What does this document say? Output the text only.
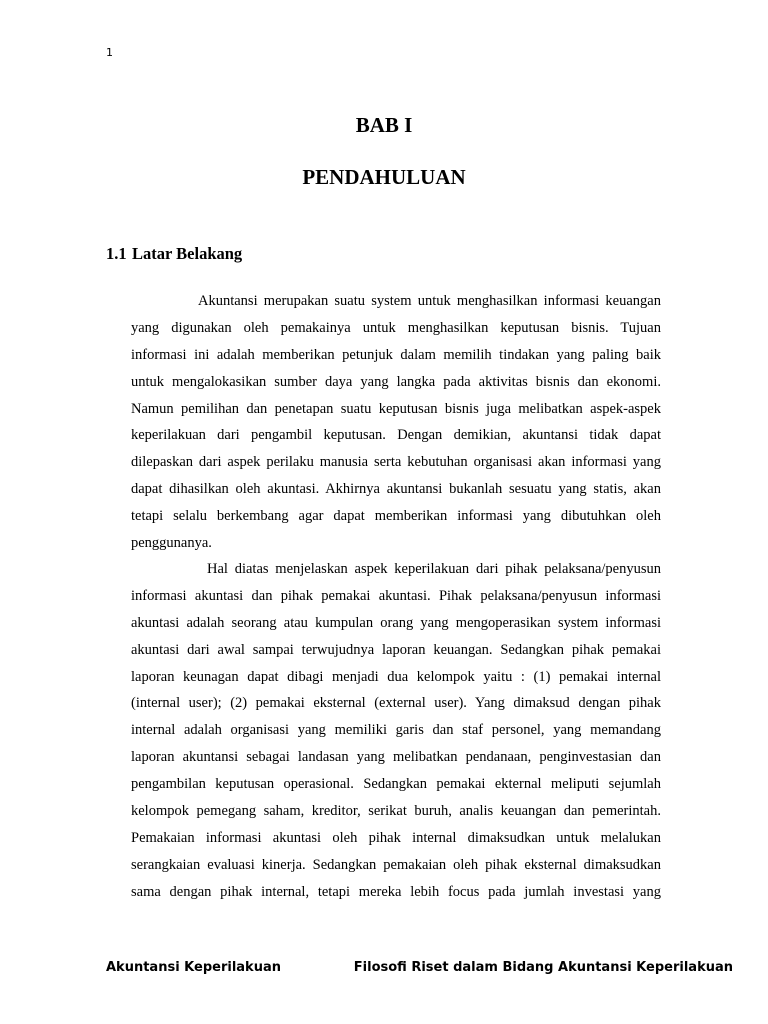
1
BAB I
PENDAHULUAN
1.1 Latar Belakang
Akuntansi merupakan suatu system untuk menghasilkan informasi keuangan
yang digunakan oleh pemakainya untuk menghasilkan keputusan bisnis. Tujuan
informasi ini adalah memberikan petunjuk dalam memilih tindakan yang paling baik
untuk mengalokasikan sumber daya yang langka pada aktivitas bisnis dan ekonomi.
Namun pemilihan dan penetapan suatu keputusan bisnis juga melibatkan aspek-aspek
keperilakuan dari pengambil keputusan. Dengan demikian, akuntansi tidak dapat
dilepaskan dari aspek perilaku manusia serta kebutuhan organisasi akan informasi yang
dapat dihasilkan oleh akuntasi. Akhirnya akuntansi bukanlah sesuatu yang statis, akan
tetapi selalu berkembang agar dapat memberikan informasi yang dibutuhkan oleh
penggunanya.
Hal diatas menjelaskan aspek keperilakuan dari pihak pelaksana/penyusun
informasi akuntasi dan pihak pemakai akuntasi. Pihak pelaksana/penyusun informasi
akuntasi adalah seorang atau kumpulan orang yang mengoperasikan system informasi
akuntasi dari awal sampai terwujudnya laporan keuangan. Sedangkan pihak pemakai
laporan keunagan dapat dibagi menjadi dua kelompok yaitu : (1) pemakai internal
(internal user); (2) pemakai eksternal (external user). Yang dimaksud dengan pihak
internal adalah organisasi yang memiliki garis dan staf personel, yang memandang
laporan akuntansi sebagai landasan yang melibatkan pendanaan, penginvestasian dan
pengambilan keputusan operasional. Sedangkan pemakai ekternal meliputi sejumlah
kelompok pemegang saham, kreditor, serikat buruh, analis keuangan dan pemerintah.
Pemakaian informasi akuntasi oleh pihak internal dimaksudkan untuk melalukan
serangkaian evaluasi kinerja. Sedangkan pemakaian oleh pihak eksternal dimaksudkan
sama dengan pihak internal, tetapi mereka lebih focus pada jumlah investasi yang
Akuntansi Keperilakuan	Filosofi Riset dalam Bidang Akuntansi Keperilakuan
